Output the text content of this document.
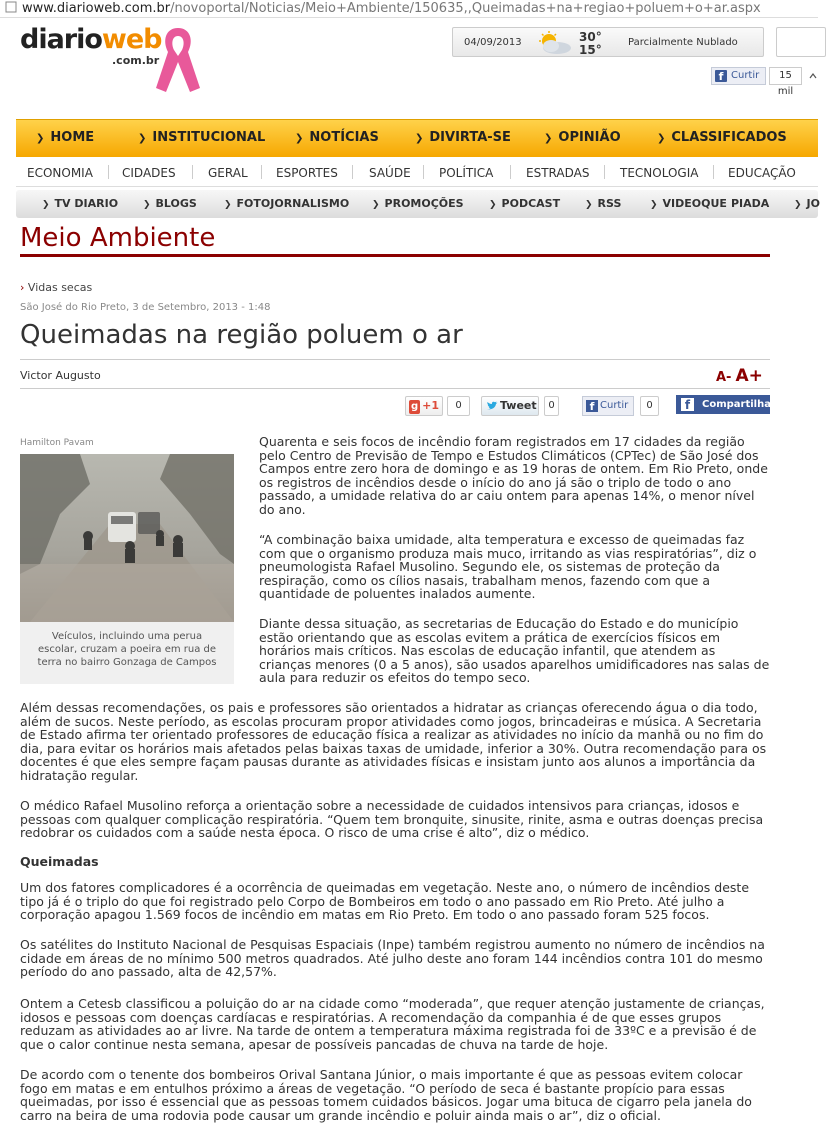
www.diarioweb.com.br/novoportal/Noticias/Meio+Ambiente/150635,,Queimadas+na+regiao+poluem+o+ar.aspx
diarioweb
.com.br
04/09/2013	30°
15°
Parcialmente Nublado
f Curtir	15 mil
❯ HOME	❯ INSTITUCIONAL	❯ NOTÍCIAS	❯ DIVIRTA-SE	❯ OPINIÃO	❯ CLASSIFICADOS
ECONOMIA CIDADES	GERAL ESPORTES	SAÚDE POLÍTICA	ESTRADAS	TECNOLOGIA EDUCAÇÃO
❯ TV DIARIO	❯ BLOGS	❯ FOTOJORNALISMO	❯ PROMOÇÕES	❯ PODCAST	❯ RSS	❯ VIDEOQUE PIADA	❯ JO
Meio Ambiente
› Vidas secas
São José do Rio Preto, 3 de Setembro, 2013 - 1:48
Queimadas na região poluem o ar
Victor Augusto	A- A+
g +1	0	Tweet	0	f Curtir	0	f	Compartilhar
Hamilton Pavam
Veículos, incluindo uma perua escolar, cruzam a poeira em rua de terra no bairro Gonzaga de Campos

Quarenta e seis focos de incêndio foram registrados em 17 cidades da região pelo Centro de Previsão de Tempo e Estudos Climáticos (CPTec) de São José dos Campos entre zero hora de domingo e as 19 horas de ontem. Em Rio Preto, onde os registros de incêndios desde o início do ano já são o triplo de todo o ano passado, a umidade relativa do ar caiu ontem para apenas 14%, o menor nível do ano.

“A combinação baixa umidade, alta temperatura e excesso de queimadas faz com que o organismo produza mais muco, irritando as vias respiratórias”, diz o pneumologista Rafael Musolino. Segundo ele, os sistemas de proteção da respiração, como os cílios nasais, trabalham menos, fazendo com que a quantidade de poluentes inalados aumente.

Diante dessa situação, as secretarias de Educação do Estado e do município estão orientando que as escolas evitem a prática de exercícios físicos em horários mais críticos. Nas escolas de educação infantil, que atendem as crianças menores (0 a 5 anos), são usados aparelhos umidificadores nas salas de aula para reduzir os efeitos do tempo seco.

Além dessas recomendações, os pais e professores são orientados a hidratar as crianças oferecendo água o dia todo, além de sucos. Neste período, as escolas procuram propor atividades como jogos, brincadeiras e música. A Secretaria de Estado afirma ter orientado professores de educação física a realizar as atividades no início da manhã ou no fim do dia, para evitar os horários mais afetados pelas baixas taxas de umidade, inferior a 30%. Outra recomendação para os docentes é que eles sempre façam pausas durante as atividades físicas e insistam junto aos alunos a importância da hidratação regular.

O médico Rafael Musolino reforça a orientação sobre a necessidade de cuidados intensivos para crianças, idosos e pessoas com qualquer complicação respiratória. “Quem tem bronquite, sinusite, rinite, asma e outras doenças precisa redobrar os cuidados com a saúde nesta época. O risco de uma crise é alto”, diz o médico.

Queimadas

Um dos fatores complicadores é a ocorrência de queimadas em vegetação. Neste ano, o número de incêndios deste tipo já é o triplo do que foi registrado pelo Corpo de Bombeiros em todo o ano passado em Rio Preto. Até julho a corporação apagou 1.569 focos de incêndio em matas em Rio Preto. Em todo o ano passado foram 525 focos.

Os satélites do Instituto Nacional de Pesquisas Espaciais (Inpe) também registrou aumento no número de incêndios na cidade em áreas de no mínimo 500 metros quadrados. Até julho deste ano foram 144 incêndios contra 101 do mesmo período do ano passado, alta de 42,57%.

Ontem a Cetesb classificou a poluição do ar na cidade como “moderada”, que requer atenção justamente de crianças, idosos e pessoas com doenças cardíacas e respiratórias. A recomendação da companhia é de que esses grupos reduzam as atividades ao ar livre. Na tarde de ontem a temperatura máxima registrada foi de 33ºC e a previsão é de que o calor continue nesta semana, apesar de possíveis pancadas de chuva na tarde de hoje.

De acordo com o tenente dos bombeiros Orival Santana Júnior, o mais importante é que as pessoas evitem colocar fogo em matas e em entulhos próximo a áreas de vegetação. “O período de seca é bastante propício para essas queimadas, por isso é essencial que as pessoas tomem cuidados básicos. Jogar uma bituca de cigarro pela janela do carro na beira de uma rodovia pode causar um grande incêndio e poluir ainda mais o ar”, diz o oficial.
